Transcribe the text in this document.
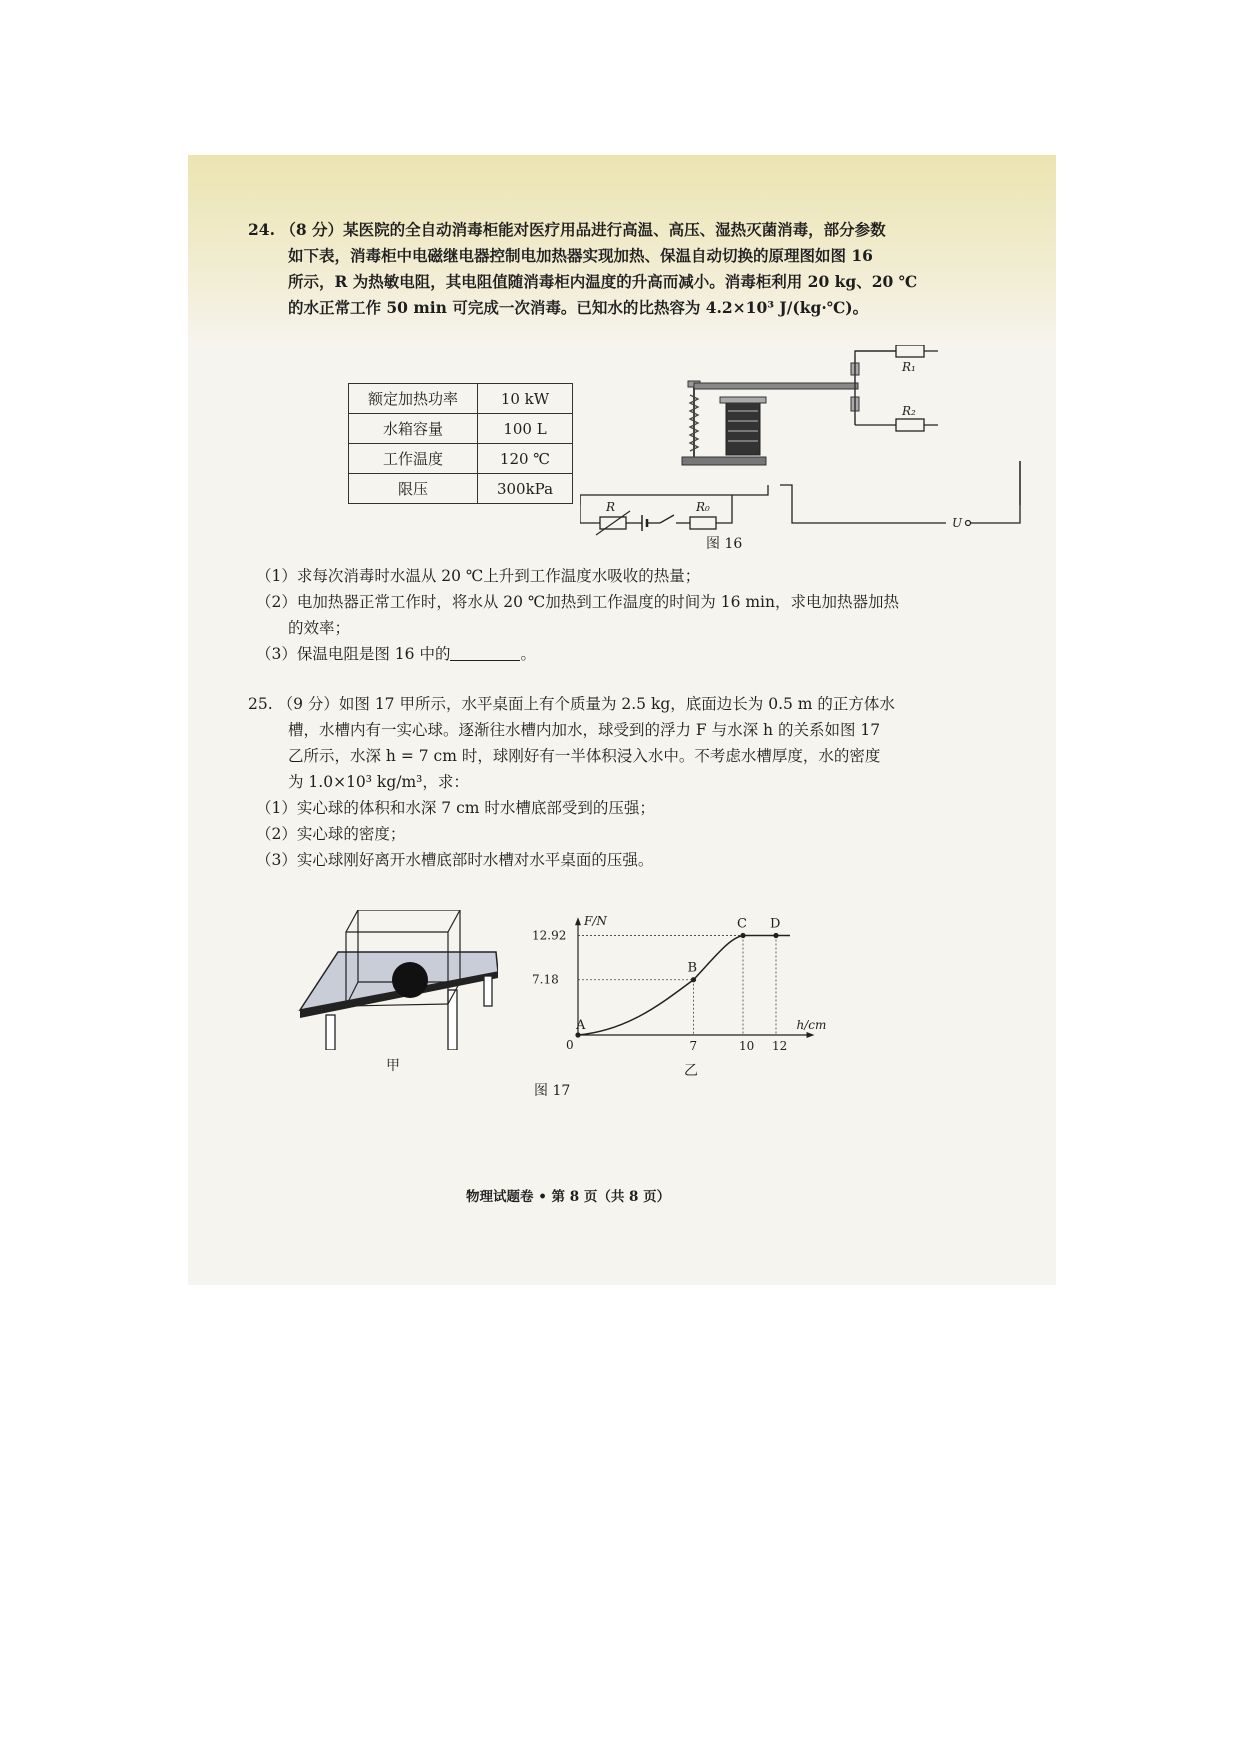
24. （8 分）某医院的全自动消毒柜能对医疗用品进行高温、高压、湿热灭菌消毒，部分参数
如下表，消毒柜中电磁继电器控制电加热器实现加热、保温自动切换的原理图如图 16
所示，R 为热敏电阻，其电阻值随消毒柜内温度的升高而减小。消毒柜利用 20 kg、20 ℃
的水正常工作 50 min 可完成一次消毒。已知水的比热容为 4.2×10³ J/(kg·℃)。
额定加热功率	10 kW
水箱容量	100 L
工作温度	120 ℃
限压	300kPa
R₁
R₂
R	R₀
U
图 16
（1）求每次消毒时水温从 20 ℃上升到工作温度水吸收的热量；
（2）电加热器正常工作时，将水从 20 ℃加热到工作温度的时间为 16 min，求电加热器加热
的效率；
（3）保温电阻是图 16 中的	。
25. （9 分）如图 17 甲所示，水平桌面上有个质量为 2.5 kg，底面边长为 0.5 m 的正方体水
槽，水槽内有一实心球。逐渐往水槽内加水，球受到的浮力 F 与水深 h 的关系如图 17
乙所示，水深 h = 7 cm 时，球刚好有一半体积浸入水中。不考虑水槽厚度，水的密度
为 1.0×10³ kg/m³，求：
（1）实心球的体积和水深 7 cm 时水槽底部受到的压强；
（2）实心球的密度；
（3）实心球刚好离开水槽底部时水槽对水平桌面的压强。
甲
F/N
h/cm
0
7.18
12.92
7	10 12
A
B
C D
乙
图 17
物理试题卷 • 第 8 页（共 8 页）
